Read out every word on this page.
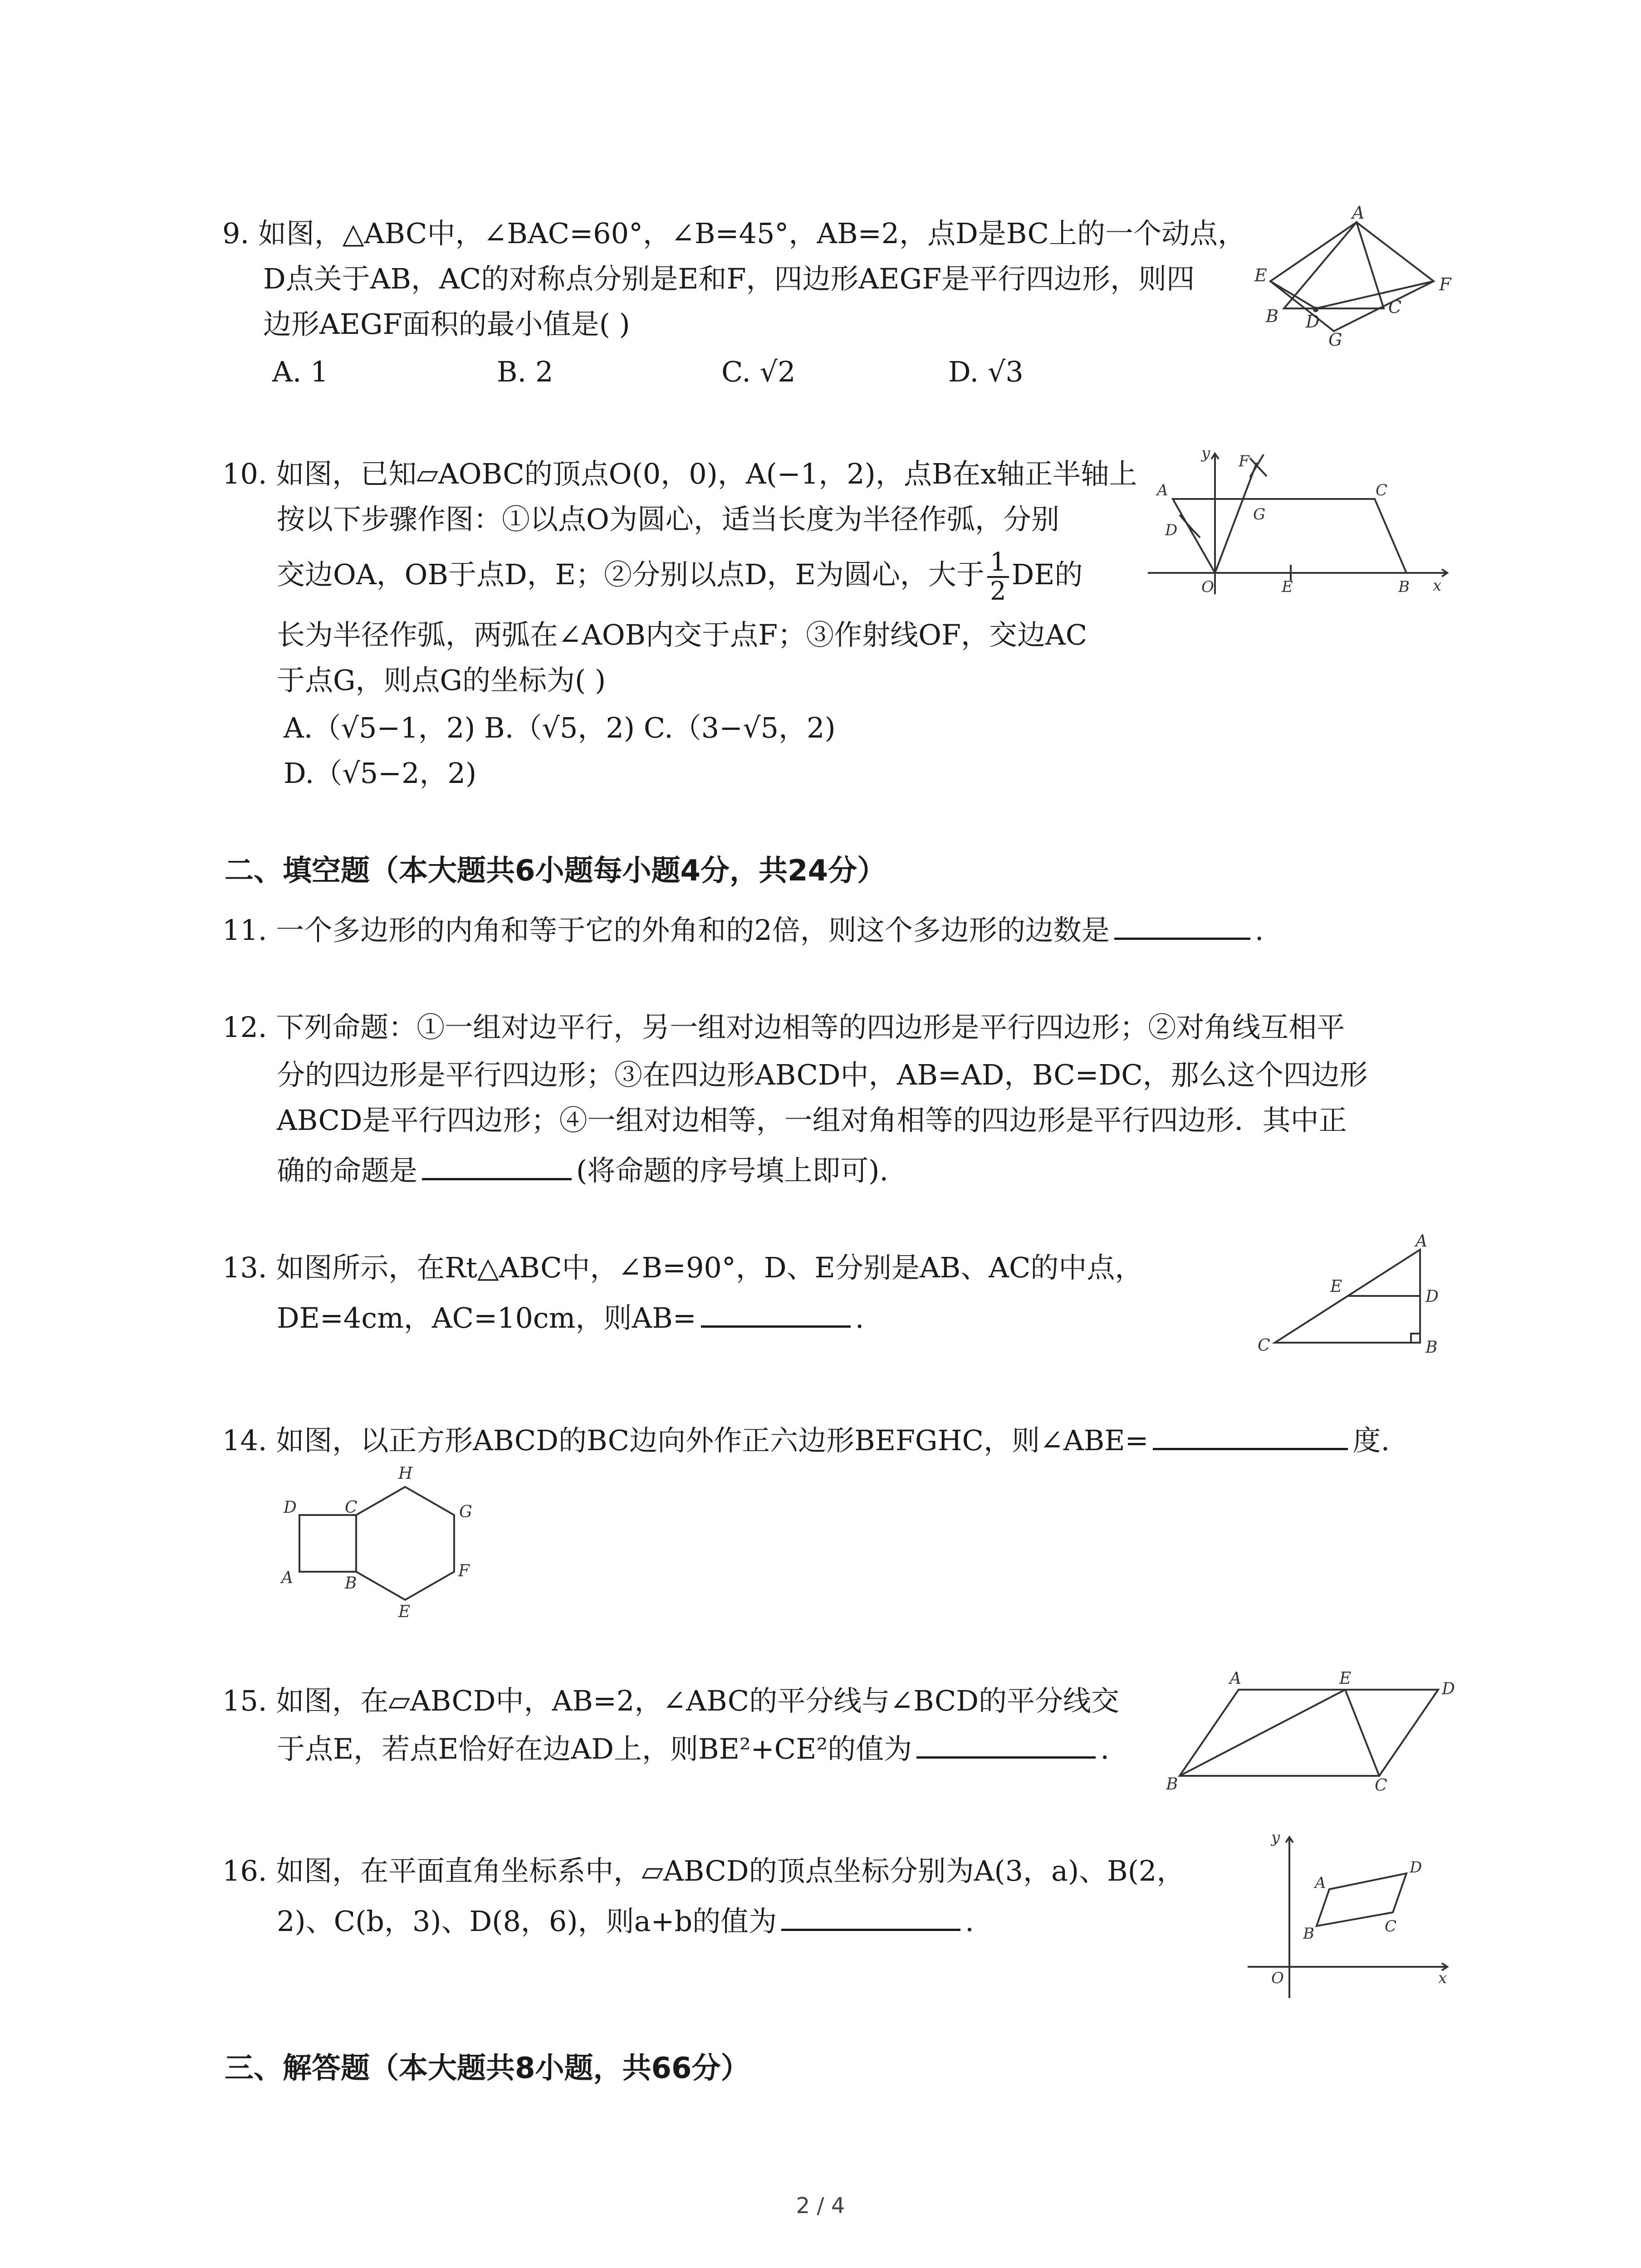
9. 如图，△ABC中，∠BAC=60°，∠B=45°，AB=2，点D是BC上的一个动点，
D点关于AB，AC的对称点分别是E和F，四边形AEGF是平行四边形，则四
边形AEGF面积的最小值是( )
A. 1	B. 2	C. √2	D. √3
A
E	F
B D
G
C
10. 如图，已知▱AOBC的顶点O(0，0)，A(−1，2)，点B在x轴正半轴上
按以下步骤作图：①以点O为圆心，适当长度为半径作弧，分别
交边OA，OB于点D，E；②分别以点D，E为圆心，大于 $\frac{1}{2}$ DE的
长为半径作弧，两弧在∠AOB内交于点F；③作射线OF，交边AC
于点G，则点G的坐标为( )
A.（√5−1，2) B.（√5，2) C.（3−√5，2)
D.（√5−2，2)
y F
A	C
D
G
O	E	B x
二、填空题（本大题共6小题每小题4分，共24分）
11. 一个多边形的内角和等于它的外角和的2倍，则这个多边形的边数是	.
12. 下列命题：①一组对边平行，另一组对边相等的四边形是平行四边形；②对角线互相平
分的四边形是平行四边形；③在四边形ABCD中，AB=AD，BC=DC，那么这个四边形
ABCD是平行四边形；④一组对边相等，一组对角相等的四边形是平行四边形．其中正
确的命题是	(将命题的序号填上即可).
13. 如图所示，在Rt△ABC中，∠B=90°，D、E分别是AB、AC的中点，
DE=4cm，AC=10cm，则AB=	.
A
E
D
C	B
14. 如图，以正方形ABCD的BC边向外作正六边形BEFGHC，则∠ABE=	度.
D	C
H
G
F
A	B
E
15. 如图，在▱ABCD中，AB=2，∠ABC的平分线与∠BCD的平分线交
于点E，若点E恰好在边AD上，则BE²+CE²的值为	.
A	E
D
B	C
16. 如图，在平面直角坐标系中，▱ABCD的顶点坐标分别为A(3，a)、B(2，
2)、C(b，3)、D(8，6)，则a+b的值为	.
y
D
A
C
B
O	x
三、解答题（本大题共8小题，共66分）
2 / 4
